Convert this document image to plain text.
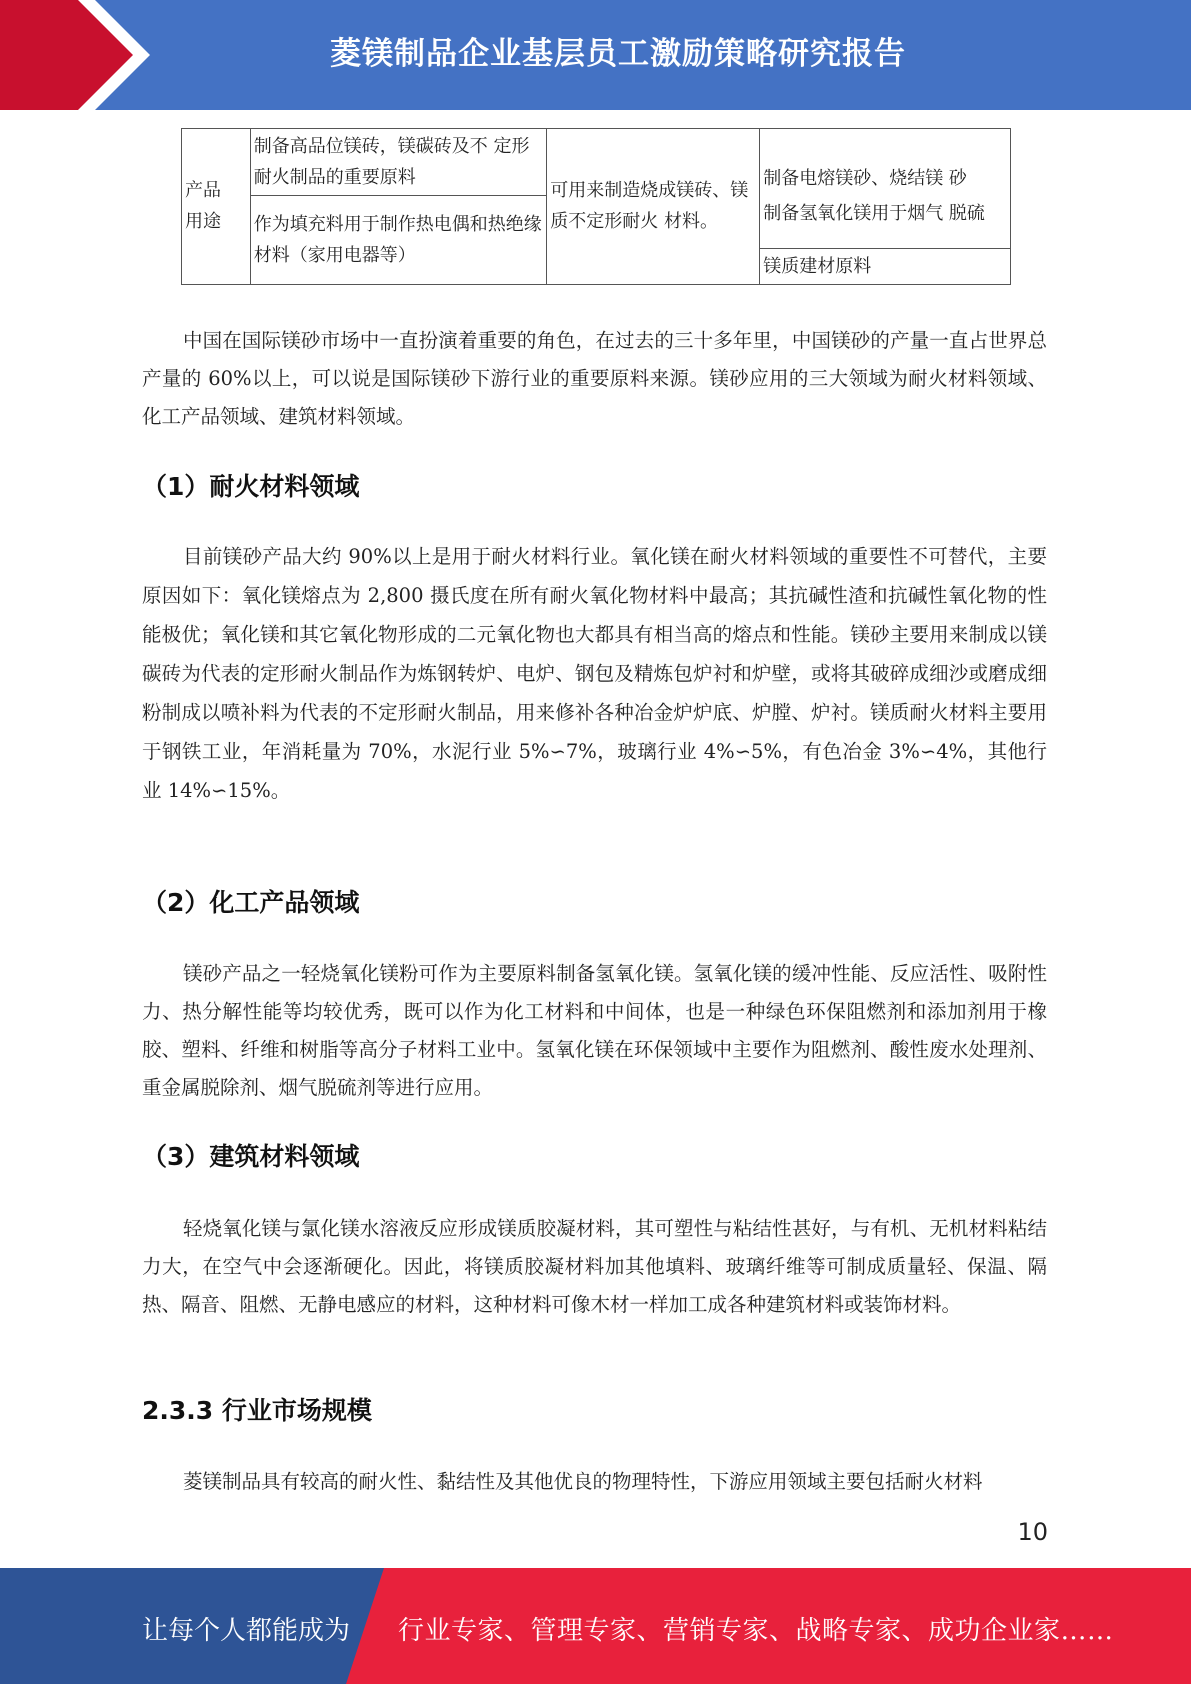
菱镁制品企业基层员工激励策略研究报告
产品
用途	制备高品位镁砖，镁碳砖及不 定形耐火制品的重要原料	可用来制造烧成镁砖、镁质不定形耐火 材料。	制备电熔镁砂、烧结镁 砂
	作为填充料用于制作热电偶和热绝缘材料（家用电器等）		制备氢氧化镁用于烟气 脱硫
			镁质建材原料

中国在国际镁砂市场中一直扮演着重要的角色，在过去的三十多年里，中国镁砂的产量一直占世界总产量的 60%以上，可以说是国际镁砂下游行业的重要原料来源。镁砂应用的三大领域为耐火材料领域、化工产品领域、建筑材料领域。

（1）耐火材料领域

目前镁砂产品大约 90%以上是用于耐火材料行业。氧化镁在耐火材料领域的重要性不可替代，主要原因如下：氧化镁熔点为 2,800 摄氏度在所有耐火氧化物材料中最高；其抗碱性渣和抗碱性氧化物的性能极优；氧化镁和其它氧化物形成的二元氧化物也大都具有相当高的熔点和性能。镁砂主要用来制成以镁碳砖为代表的定形耐火制品作为炼钢转炉、电炉、钢包及精炼包炉衬和炉壁，或将其破碎成细沙或磨成细粉制成以喷补料为代表的不定形耐火制品，用来修补各种冶金炉炉底、炉膛、炉衬。镁质耐火材料主要用于钢铁工业，年消耗量为 70%，水泥行业 5%∽7%，玻璃行业 4%∽5%，有色冶金 3%∽4%，其他行业 14%∽15%。

（2）化工产品领域

镁砂产品之一轻烧氧化镁粉可作为主要原料制备氢氧化镁。氢氧化镁的缓冲性能、反应活性、吸附性力、热分解性能等均较优秀，既可以作为化工材料和中间体，也是一种绿色环保阻燃剂和添加剂用于橡胶、塑料、纤维和树脂等高分子材料工业中。氢氧化镁在环保领域中主要作为阻燃剂、酸性废水处理剂、重金属脱除剂、烟气脱硫剂等进行应用。

（3）建筑材料领域

轻烧氧化镁与氯化镁水溶液反应形成镁质胶凝材料，其可塑性与粘结性甚好，与有机、无机材料粘结力大，在空气中会逐渐硬化。因此，将镁质胶凝材料加其他填料、玻璃纤维等可制成质量轻、保温、隔热、隔音、阻燃、无静电感应的材料，这种材料可像木材一样加工成各种建筑材料或装饰材料。

2.3.3 行业市场规模

菱镁制品具有较高的耐火性、黏结性及其他优良的物理特性，下游应用领域主要包括耐火材料

10
让每个人都能成为 行业专家、管理专家、营销专家、战略专家、成功企业家……
